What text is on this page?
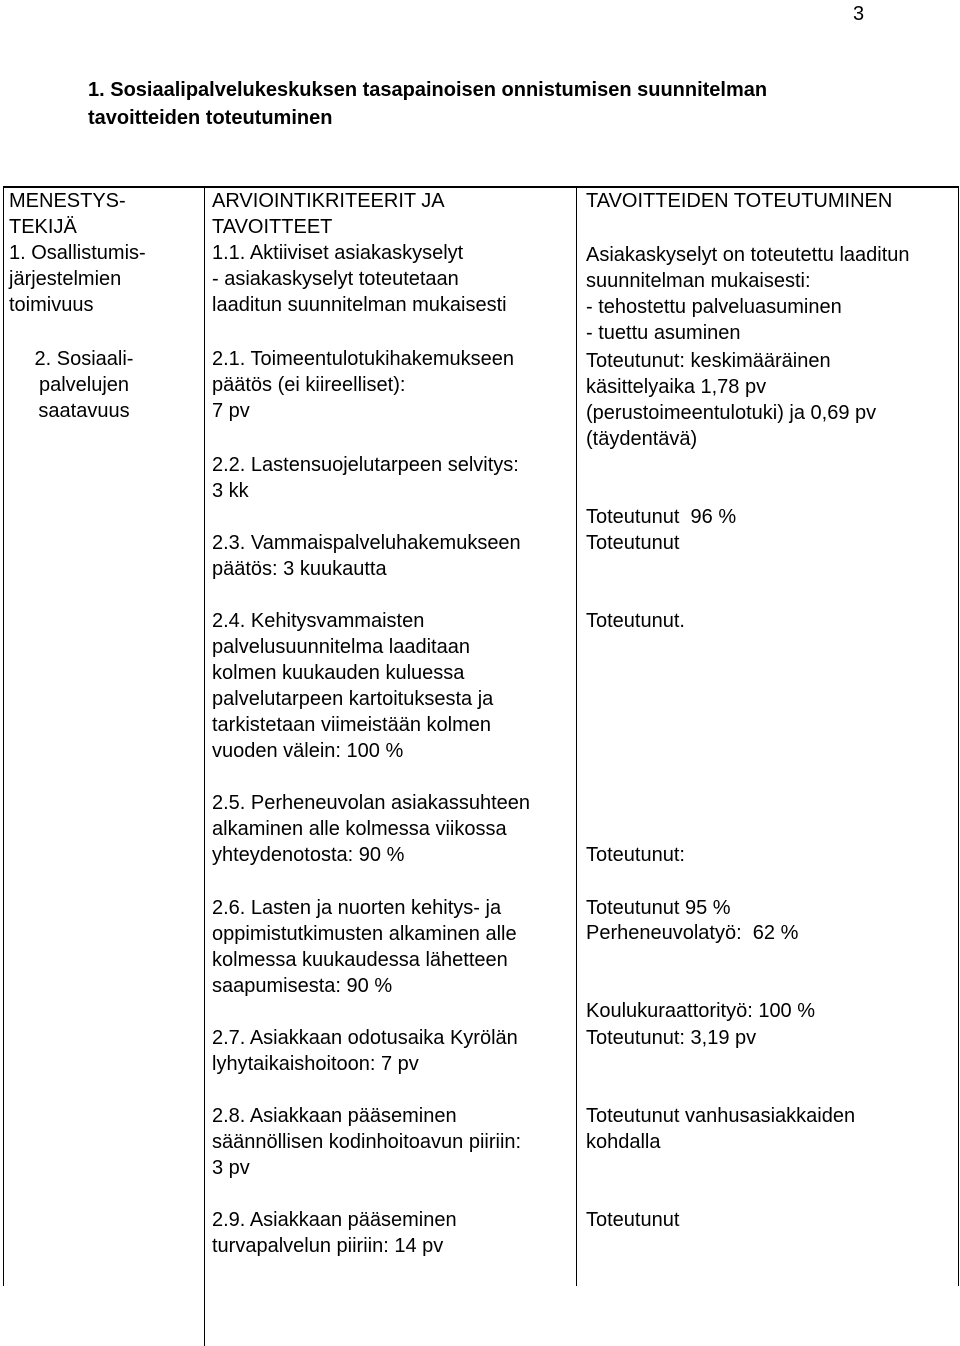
3
1. Sosiaalipalvelukeskuksen tasapainoisen onnistumisen suunnitelman
tavoitteiden toteutuminen
MENESTYS-
TEKIJÄ
1. Osallistumis-
järjestelmien
toimivuus
2. Sosiaali-
palvelujen
saatavuus
ARVIOINTIKRITEERIT JA
TAVOITTEET
1.1. Aktiiviset asiakaskyselyt
- asiakaskyselyt toteutetaan
laaditun suunnitelman mukaisesti
2.1. Toimeentulotukihakemukseen
päätös (ei kiireelliset):
7 pv
2.2. Lastensuojelutarpeen selvitys:
3 kk
2.3. Vammaispalveluhakemukseen
päätös: 3 kuukautta
2.4. Kehitysvammaisten
palvelusuunnitelma laaditaan
kolmen kuukauden kuluessa
palvelutarpeen kartoituksesta ja
tarkistetaan viimeistään kolmen
vuoden välein: 100 %
2.5. Perheneuvolan asiakassuhteen
alkaminen alle kolmessa viikossa
yhteydenotosta: 90 %
2.6. Lasten ja nuorten kehitys- ja
oppimistutkimusten alkaminen alle
kolmessa kuukaudessa lähetteen
saapumisesta: 90 %
2.7. Asiakkaan odotusaika Kyrölän
lyhytaikaishoitoon: 7 pv
2.8. Asiakkaan pääseminen
säännöllisen kodinhoitoavun piiriin:
3 pv
2.9. Asiakkaan pääseminen
turvapalvelun piiriin: 14 pv
TAVOITTEIDEN TOTEUTUMINEN
Asiakaskyselyt on toteutettu laaditun
suunnitelman mukaisesti:
- tehostettu palveluasuminen
- tuettu asuminen
Toteutunut: keskimääräinen
käsittelyaika 1,78 pv
(perustoimeentulotuki) ja 0,69 pv
(täydentävä)

Toteutunut  96 %

Toteutunut
Toteutunut.

Toteutunut:

Perheneuvolatyö:  62 %

Koulukuraattorityö: 100 %

Toteutunut 95 %
Toteutunut: 3,19 pv
Toteutunut vanhusasiakkaiden
kohdalla
Toteutunut
